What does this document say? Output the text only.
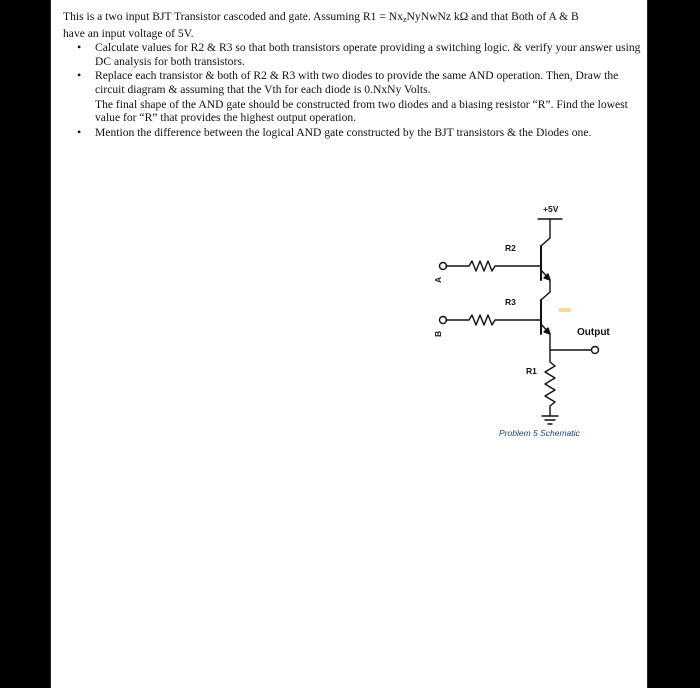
This is a two input BJT Transistor cascoded and gate. Assuming $R1 = Nx_zNyNwNz$ kΩ and that Both of A & B
have an input voltage of 5V.

• Calculate values for R2 & R3 so that both transistors operate providing a switching logic. & verify your answer using DC analysis for both transistors.
• Replace each transistor & both of R2 & R3 with two diodes to provide the same AND operation. Then, Draw the circuit diagram & assuming that the Vth for each diode is 0.NxNy Volts.
The final shape of the AND gate should be constructed from two diodes and a biasing resistor “R”. Find the lowest value for “R” that provides the highest output operation.
• Mention the difference between the logical AND gate constructed by the BJT transistors & the Diodes one.
+5V
R2
R3
R1
A
B	Output
Problem 5 Schematic
